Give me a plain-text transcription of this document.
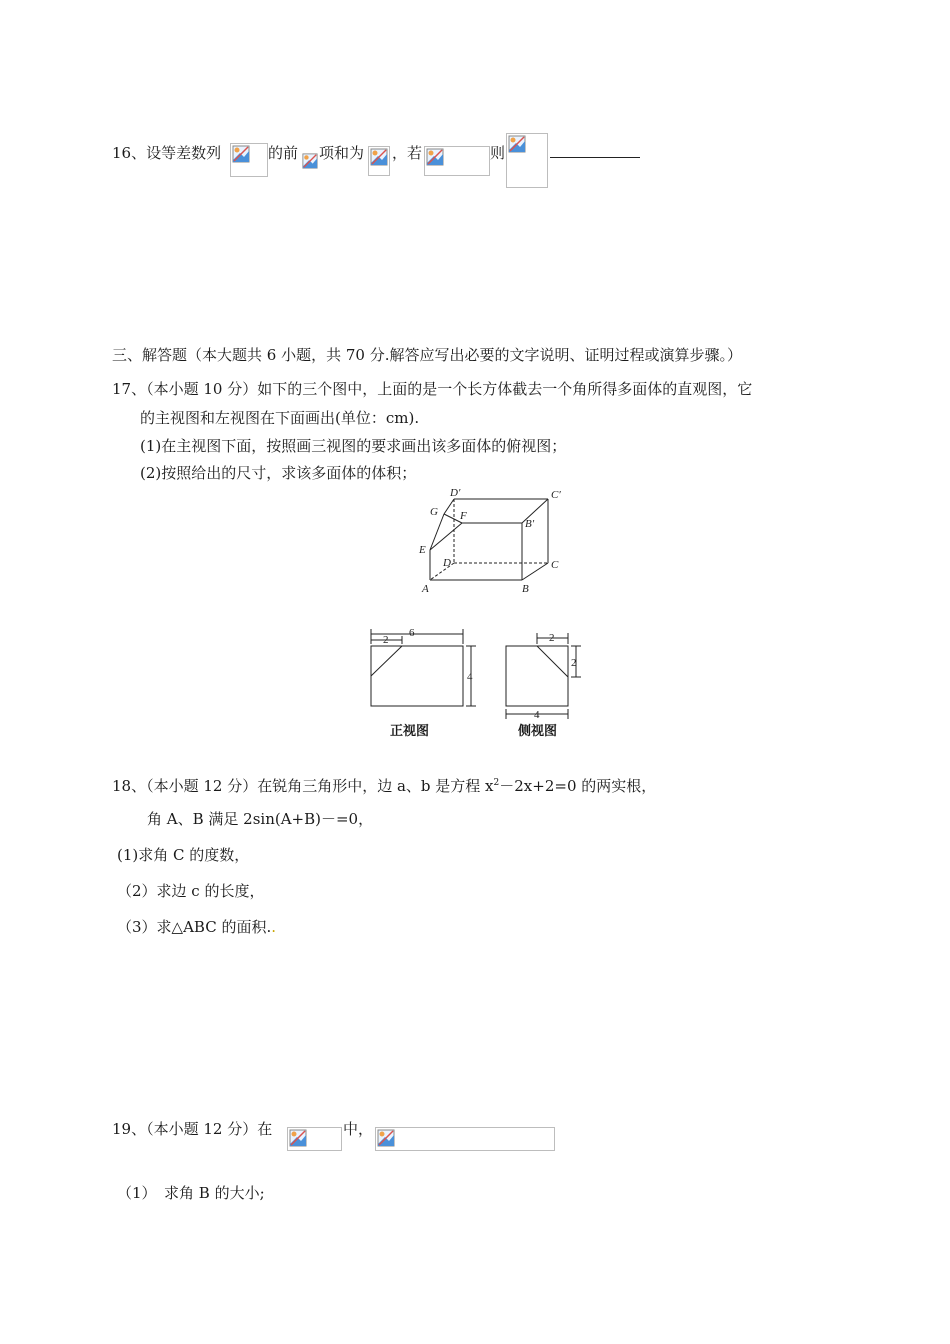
16、设等差数列	的前 项和为 ，若	则
三、解答题（本大题共 6 小题，共 70 分.解答应写出必要的文字说明、证明过程或演算步骤。）
17、（本小题 10 分）如下的三个图中，上面的是一个长方体截去一个角所得多面体的直观图，它
的主视图和左视图在下面画出(单位：cm).
(1)在主视图下面，按照画三视图的要求画出该多面体的俯视图；
(2)按照给出的尺寸，求该多面体的体积；
D′	C′
G F
B′
E
D	C
A	B
6
2
4
正视图
2
2
4
侧视图
18、（本小题 12 分）在锐角三角形中，边 a、b 是方程 $x^2-2x+2=0$ 的两实根，
角 A、B 满足 2sin(A+B)－=0，
(1)求角 C 的度数，
（2）求边 c 的长度，
（3）求△ABC 的面积..
19、（本小题 12 分）在	中，
（1）　求角 B 的大小;
